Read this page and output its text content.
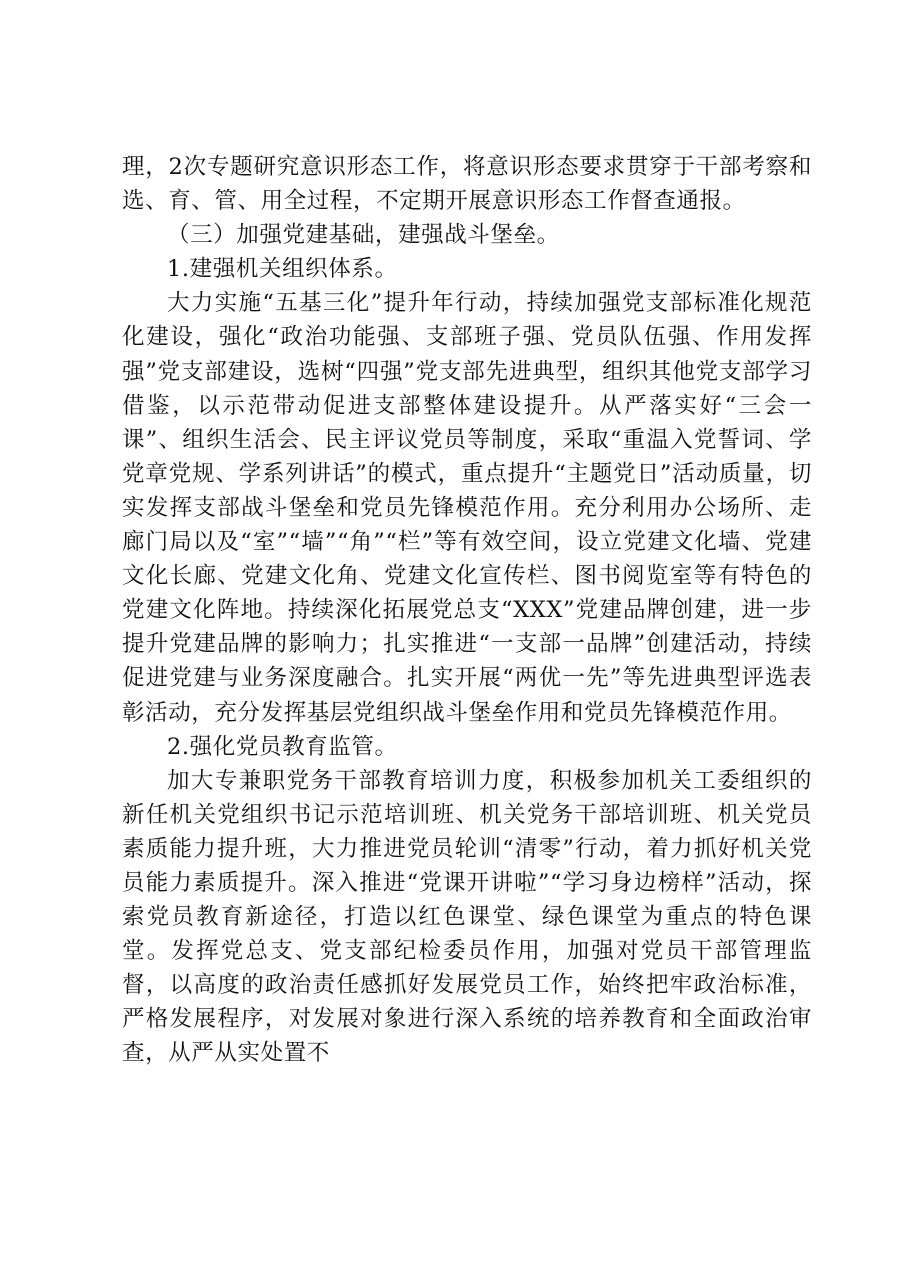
理，2次专题研究意识形态工作，将意识形态要求贯穿于干部考察和选、育、管、用全过程，不定期开展意识形态工作督查通报。

（三）加强党建基础，建强战斗堡垒。

1.建强机关组织体系。

大力实施“五基三化”提升年行动，持续加强党支部标准化规范化建设，强化“政治功能强、支部班子强、党员队伍强、作用发挥强”党支部建设，选树“四强”党支部先进典型，组织其他党支部学习借鉴，以示范带动促进支部整体建设提升。从严落实好“三会一课”、组织生活会、民主评议党员等制度，采取“重温入党誓词、学党章党规、学系列讲话”的模式，重点提升“主题党日”活动质量，切实发挥支部战斗堡垒和党员先锋模范作用。充分利用办公场所、走廊门局以及“室”“墙”“角”“栏”等有效空间，设立党建文化墙、党建文化长廊、党建文化角、党建文化宣传栏、图书阅览室等有特色的党建文化阵地。持续深化拓展党总支“XXX”党建品牌创建，进一步提升党建品牌的影响力；扎实推进“一支部一品牌”创建活动，持续促进党建与业务深度融合。扎实开展“两优一先”等先进典型评选表彰活动，充分发挥基层党组织战斗堡垒作用和党员先锋模范作用。

2.强化党员教育监管。

加大专兼职党务干部教育培训力度，积极参加机关工委组织的新任机关党组织书记示范培训班、机关党务干部培训班、机关党员素质能力提升班，大力推进党员轮训“清零”行动，着力抓好机关党员能力素质提升。深入推进“党课开讲啦”“学习身边榜样”活动，探索党员教育新途径，打造以红色课堂、绿色课堂为重点的特色课堂。发挥党总支、党支部纪检委员作用，加强对党员干部管理监督，以高度的政治责任感抓好发展党员工作，始终把牢政治标准，严格发展程序，对发展对象进行深入系统的培养教育和全面政治审查，从严从实处置不
